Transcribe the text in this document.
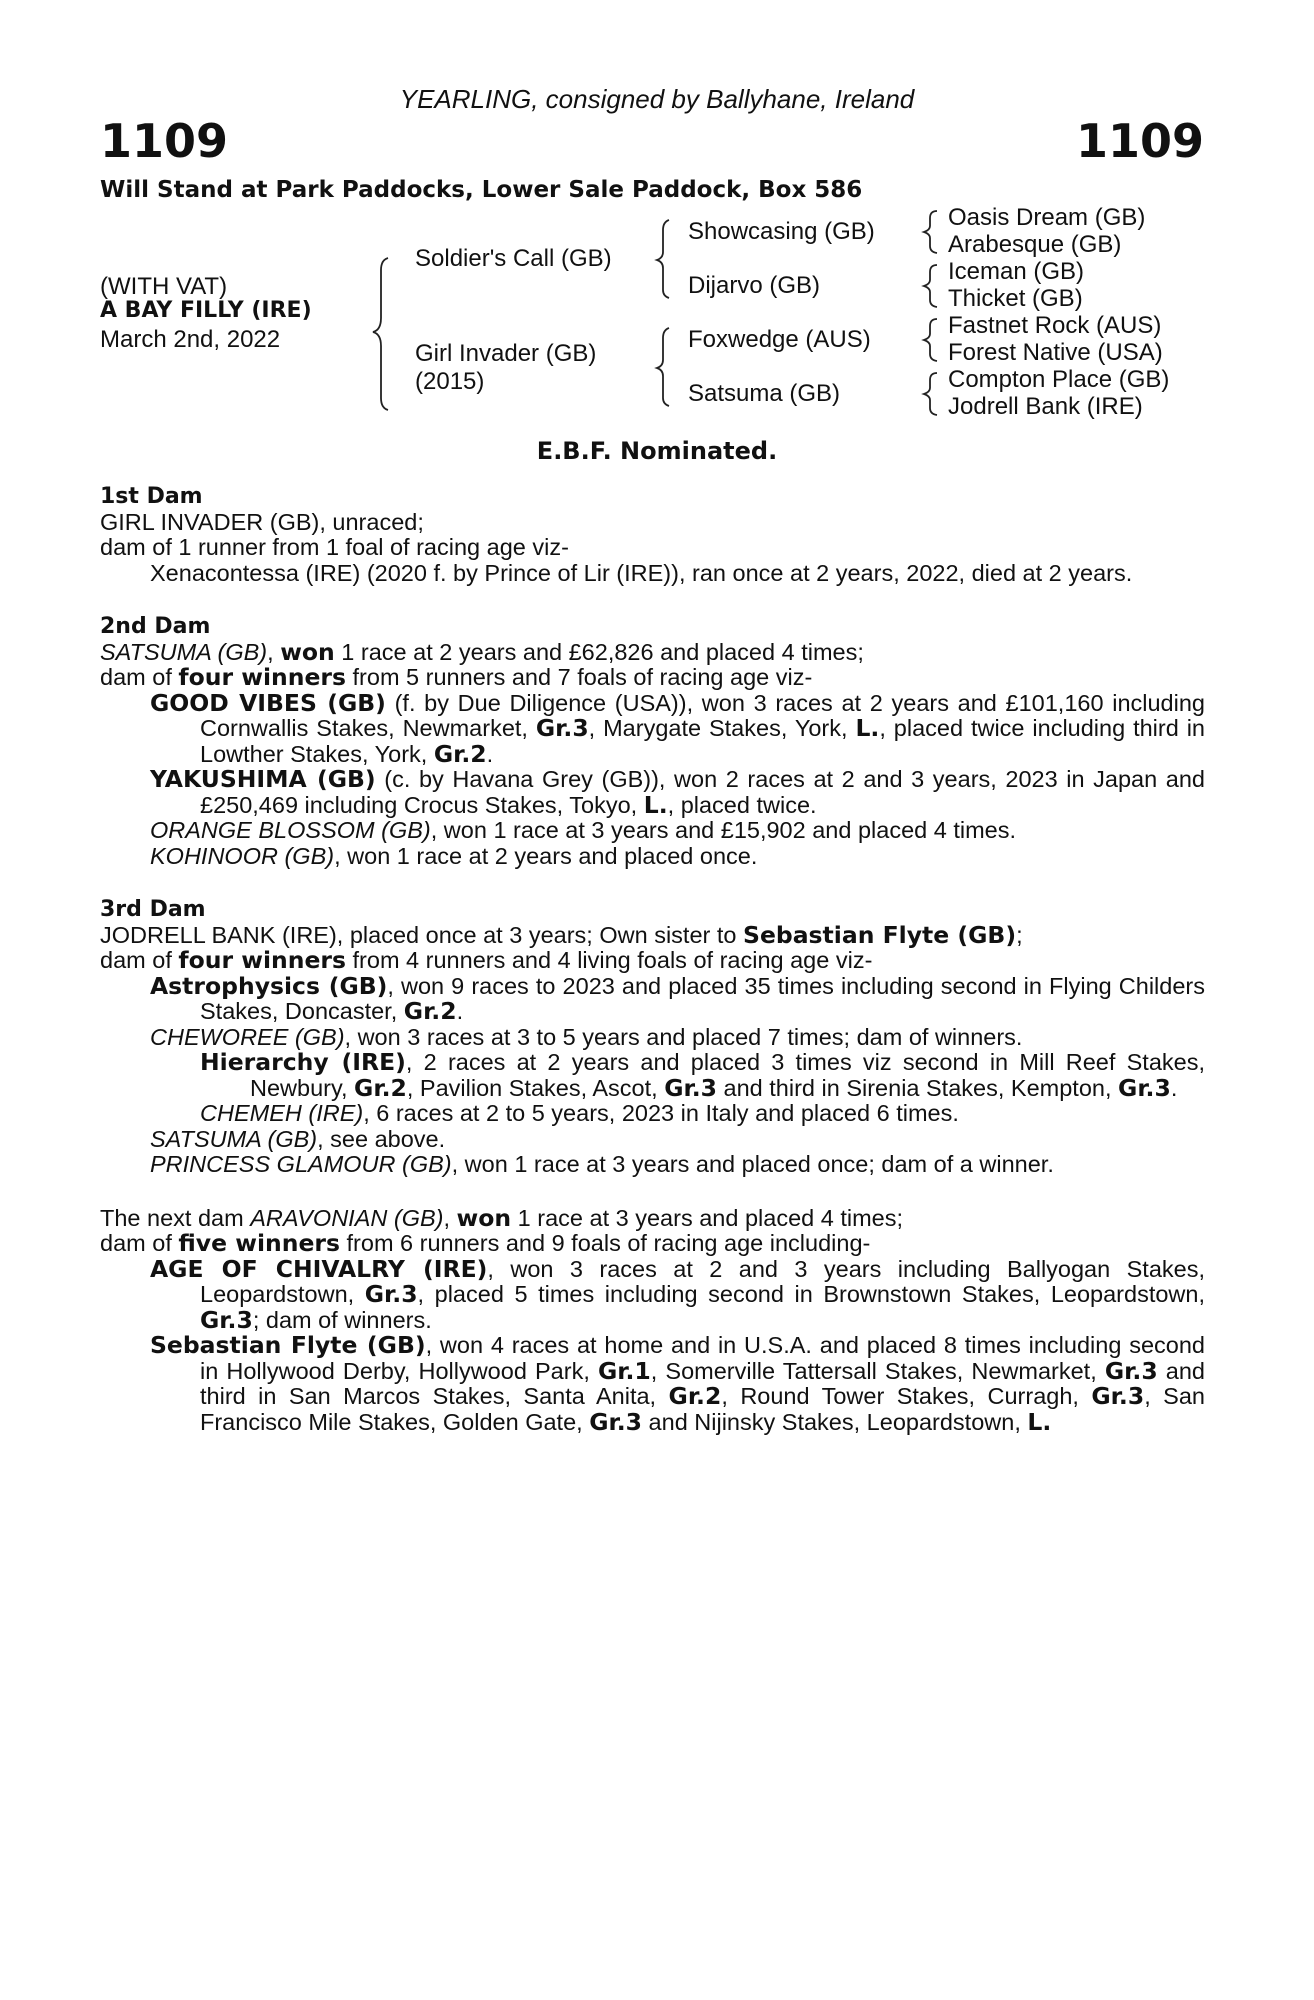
YEARLING, consigned by Ballyhane, Ireland
1109	1109
Will Stand at Park Paddocks, Lower Sale Paddock, Box 586
(WITH VAT)
A BAY FILLY (IRE)
March 2nd, 2022
Soldier's Call (GB)
Girl Invader (GB)
(2015)
Showcasing (GB)
Dijarvo (GB)
Foxwedge (AUS)
Satsuma (GB)
Oasis Dream (GB)
Arabesque (GB)
Iceman (GB)
Thicket (GB)
Fastnet Rock (AUS)
Forest Native (USA)
Compton Place (GB)
Jodrell Bank (IRE)
E.B.F. Nominated.
1st Dam
GIRL INVADER (GB), unraced;
dam of 1 runner from 1 foal of racing age viz-
Xenacontessa (IRE) (2020 f. by Prince of Lir (IRE)), ran once at 2 years, 2022, died at 2 years.
2nd Dam
SATSUMA (GB), won 1 race at 2 years and £62,826 and placed 4 times;
dam of four winners from 5 runners and 7 foals of racing age viz-
GOOD VIBES (GB) (f. by Due Diligence (USA)), won 3 races at 2 years and £101,160 including Cornwallis Stakes, Newmarket, Gr.3, Marygate Stakes, York, L., placed twice including third in Lowther Stakes, York, Gr.2.
YAKUSHIMA (GB) (c. by Havana Grey (GB)), won 2 races at 2 and 3 years, 2023 in Japan and £250,469 including Crocus Stakes, Tokyo, L., placed twice.
ORANGE BLOSSOM (GB), won 1 race at 3 years and £15,902 and placed 4 times.
KOHINOOR (GB), won 1 race at 2 years and placed once.
3rd Dam
JODRELL BANK (IRE), placed once at 3 years; Own sister to Sebastian Flyte (GB);
dam of four winners from 4 runners and 4 living foals of racing age viz-
Astrophysics (GB), won 9 races to 2023 and placed 35 times including second in Flying Childers Stakes, Doncaster, Gr.2.
CHEWOREE (GB), won 3 races at 3 to 5 years and placed 7 times; dam of winners.
Hierarchy (IRE), 2 races at 2 years and placed 3 times viz second in Mill Reef Stakes, Newbury, Gr.2, Pavilion Stakes, Ascot, Gr.3 and third in Sirenia Stakes, Kempton, Gr.3.
CHEMEH (IRE), 6 races at 2 to 5 years, 2023 in Italy and placed 6 times.
SATSUMA (GB), see above.
PRINCESS GLAMOUR (GB), won 1 race at 3 years and placed once; dam of a winner.
The next dam ARAVONIAN (GB), won 1 race at 3 years and placed 4 times;
dam of five winners from 6 runners and 9 foals of racing age including-
AGE OF CHIVALRY (IRE), won 3 races at 2 and 3 years including Ballyogan Stakes, Leopardstown, Gr.3, placed 5 times including second in Brownstown Stakes, Leopardstown, Gr.3; dam of winners.
Sebastian Flyte (GB), won 4 races at home and in U.S.A. and placed 8 times including second in Hollywood Derby, Hollywood Park, Gr.1, Somerville Tattersall Stakes, Newmarket, Gr.3 and third in San Marcos Stakes, Santa Anita, Gr.2, Round Tower Stakes, Curragh, Gr.3, San Francisco Mile Stakes, Golden Gate, Gr.3 and Nijinsky Stakes, Leopardstown, L.
